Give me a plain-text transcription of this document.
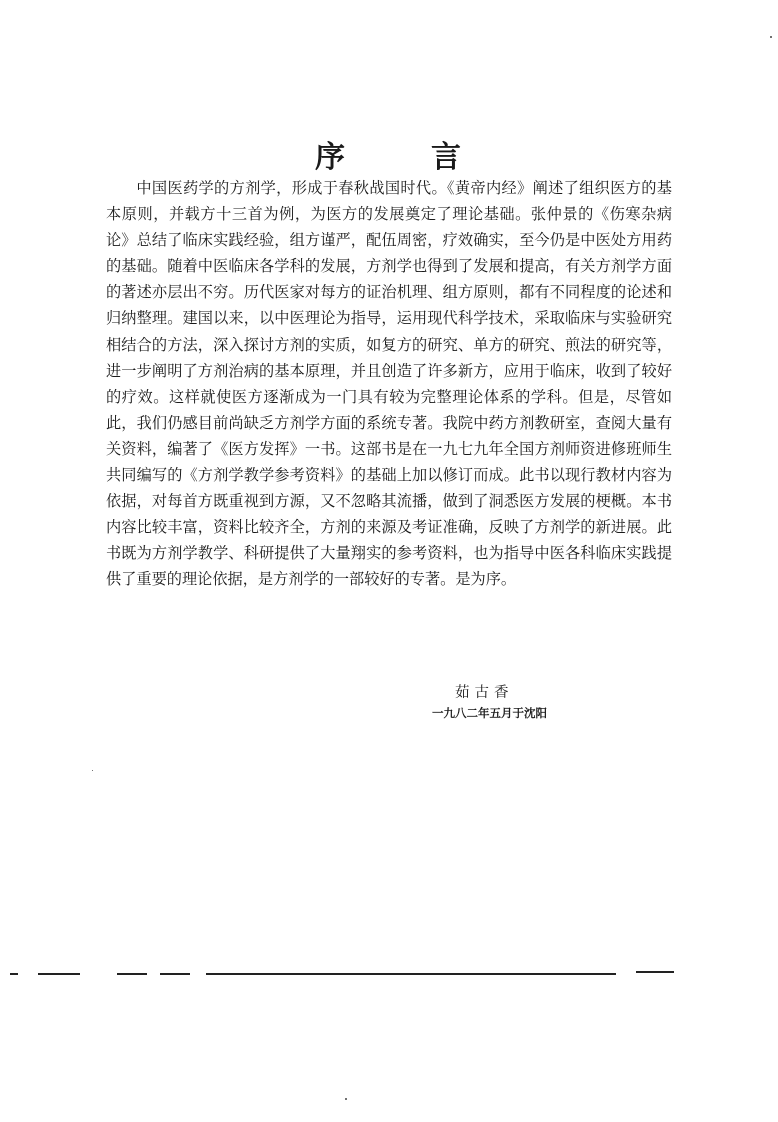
序	言

中国医药学的方剂学，形成于春秋战国时代。《黄帝内经》阐述了组织医方的基本原则，并载方十三首为例，为医方的发展奠定了理论基础。张仲景的《伤寒杂病论》总结了临床实践经验，组方谨严，配伍周密，疗效确实，至今仍是中医处方用药的基础。随着中医临床各学科的发展，方剂学也得到了发展和提高，有关方剂学方面的著述亦层出不穷。历代医家对每方的证治机理、组方原则，都有不同程度的论述和归纳整理。建国以来，以中医理论为指导，运用现代科学技术，采取临床与实验研究相结合的方法，深入探讨方剂的实质，如复方的研究、单方的研究、煎法的研究等，进一步阐明了方剂治病的基本原理，并且创造了许多新方，应用于临床，收到了较好的疗效。这样就使医方逐渐成为一门具有较为完整理论体系的学科。但是，尽管如此，我们仍感目前尚缺乏方剂学方面的系统专著。我院中药方剂教研室，查阅大量有关资料，编著了《医方发挥》一书。这部书是在一九七九年全国方剂师资进修班师生共同编写的《方剂学教学参考资料》的基础上加以修订而成。此书以现行教材内容为依据，对每首方既重视到方源，又不忽略其流播，做到了洞悉医方发展的梗概。本书内容比较丰富，资料比较齐全，方剂的来源及考证准确，反映了方剂学的新进展。此书既为方剂学教学、科研提供了大量翔实的参考资料，也为指导中医各科临床实践提供了重要的理论依据，是方剂学的一部较好的专著。是为序。

茹古香

一九八二年五月于沈阳
